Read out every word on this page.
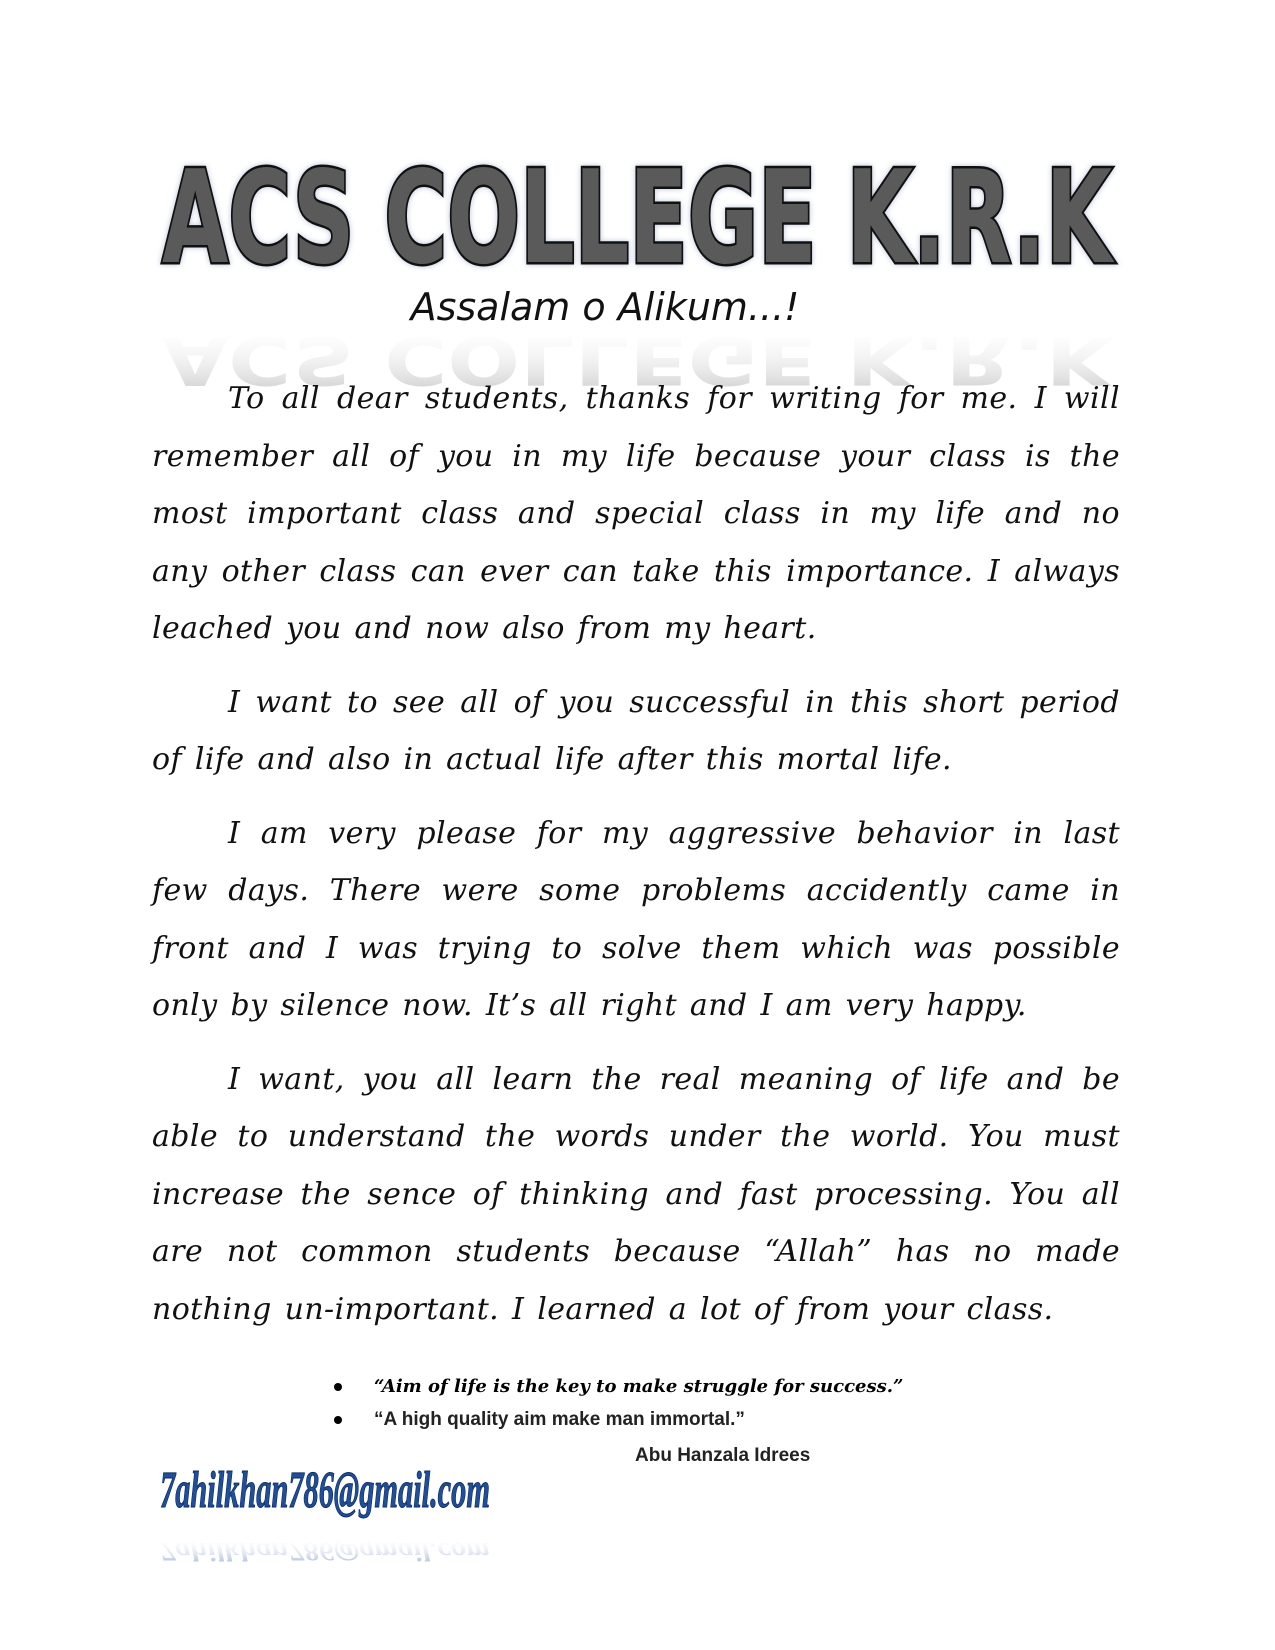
ACS COLLEGE K.R.K
ACS COLLEGE K.R.K
Assalam o Alikum...!

To all dear students, thanks for writing for me. I will remember all of you in my life because your class is the most important class and special class in my life and no any other class can ever can take this importance. I always leached you and now also from my heart.

I want to see all of you successful in this short period of life and also in actual life after this mortal life.

I am very please for my aggressive behavior in last few days. There were some problems accidently came in front and I was trying to solve them which was possible only by silence now. It’s all right and I am very happy.

I want, you all learn the real meaning of life and be able to understand the words under the world. You must increase the sence of thinking and fast processing. You all are not common students because “Allah” has no made nothing un-important. I learned a lot of from your class.

“Aim of life is the key to make struggle for success.”
“A high quality aim make man immortal.”
Abu Hanzala Idrees
7ahilkhan786@gmail.com
7ahilkhan786@gmail.com
